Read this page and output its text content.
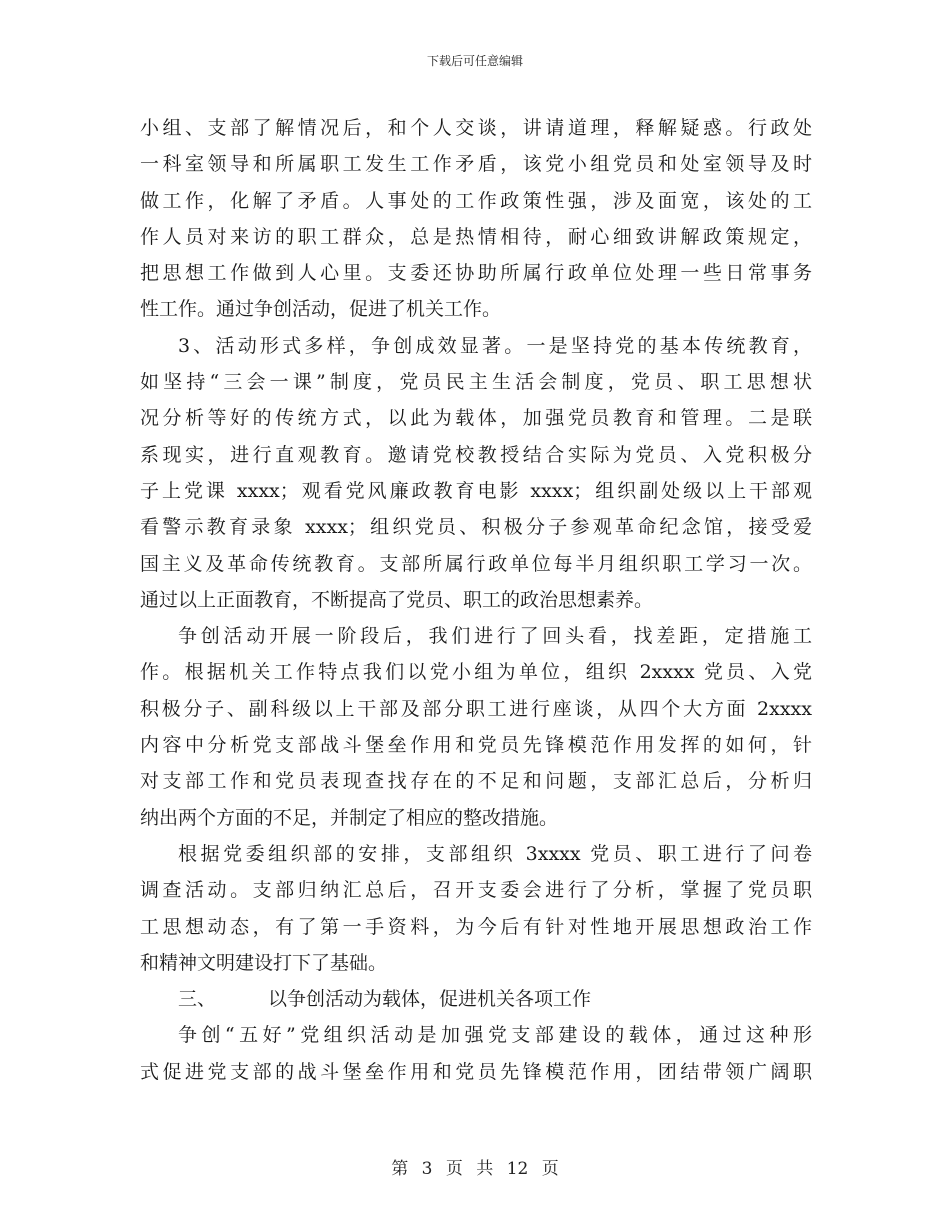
下载后可任意编辑
小组、支部了解情况后，和个人交谈，讲请道理，释解疑惑。行政处
一科室领导和所属职工发生工作矛盾，该党小组党员和处室领导及时
做工作，化解了矛盾。人事处的工作政策性强，涉及面宽，该处的工
作人员对来访的职工群众，总是热情相待，耐心细致讲解政策规定，
把思想工作做到人心里。支委还协助所属行政单位处理一些日常事务
性工作。通过争创活动，促进了机关工作。
3、活动形式多样，争创成效显著。一是坚持党的基本传统教育，
如坚持“三会一课”制度，党员民主生活会制度，党员、职工思想状
况分析等好的传统方式，以此为载体，加强党员教育和管理。二是联
系现实，进行直观教育。邀请党校教授结合实际为党员、入党积极分
子上党课 xxxx；观看党风廉政教育电影 xxxx；组织副处级以上干部观
看警示教育录象 xxxx；组织党员、积极分子参观革命纪念馆，接受爱
国主义及革命传统教育。支部所属行政单位每半月组织职工学习一次。
通过以上正面教育，不断提高了党员、职工的政治思想素养。
争创活动开展一阶段后，我们进行了回头看，找差距，定措施工
作。根据机关工作特点我们以党小组为单位，组织 2xxxx 党员、入党
积极分子、副科级以上干部及部分职工进行座谈，从四个大方面 2xxxx
内容中分析党支部战斗堡垒作用和党员先锋模范作用发挥的如何，针
对支部工作和党员表现查找存在的不足和问题，支部汇总后，分析归
纳出两个方面的不足，并制定了相应的整改措施。
根据党委组织部的安排，支部组织 3xxxx 党员、职工进行了问卷
调查活动。支部归纳汇总后，召开支委会进行了分析，掌握了党员职
工思想动态，有了第一手资料，为今后有针对性地开展思想政治工作
和精神文明建设打下了基础。
三、	以争创活动为载体，促进机关各项工作
争创“五好”党组织活动是加强党支部建设的载体，通过这种形
式促进党支部的战斗堡垒作用和党员先锋模范作用，团结带领广阔职
第 3 页 共 12 页
